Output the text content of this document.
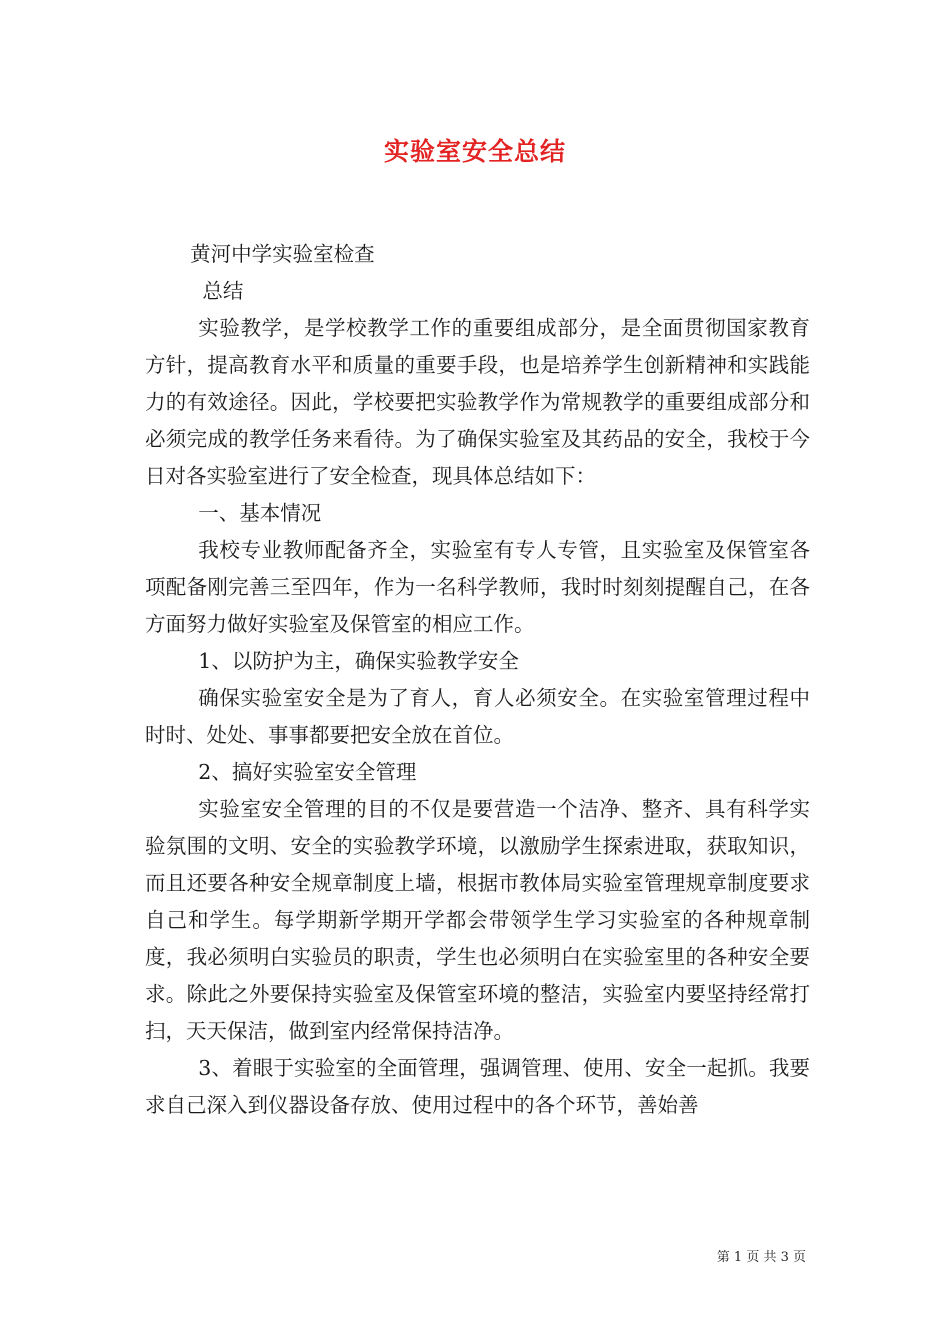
实验室安全总结

黄河中学实验室检查

总结

实验教学，是学校教学工作的重要组成部分，是全面贯彻国家教育方针，提高教育水平和质量的重要手段，也是培养学生创新精神和实践能力的有效途径。因此，学校要把实验教学作为常规教学的重要组成部分和必须完成的教学任务来看待。为了确保实验室及其药品的安全，我校于今日对各实验室进行了安全检查，现具体总结如下：

一、基本情况

我校专业教师配备齐全，实验室有专人专管，且实验室及保管室各项配备刚完善三至四年，作为一名科学教师，我时时刻刻提醒自己，在各方面努力做好实验室及保管室的相应工作。

1、以防护为主，确保实验教学安全

确保实验室安全是为了育人，育人必须安全。在实验室管理过程中时时、处处、事事都要把安全放在首位。

2、搞好实验室安全管理

实验室安全管理的目的不仅是要营造一个洁净、整齐、具有科学实验氛围的文明、安全的实验教学环境，以激励学生探索进取，获取知识，而且还要各种安全规章制度上墙，根据市教体局实验室管理规章制度要求自己和学生。每学期新学期开学都会带领学生学习实验室的各种规章制度，我必须明白实验员的职责，学生也必须明白在实验室里的各种安全要求。除此之外要保持实验室及保管室环境的整洁，实验室内要坚持经常打扫，天天保洁，做到室内经常保持洁净。

3、着眼于实验室的全面管理，强调管理、使用、安全一起抓。我要求自己深入到仪器设备存放、使用过程中的各个环节，善始善

第 1 页 共 3 页
